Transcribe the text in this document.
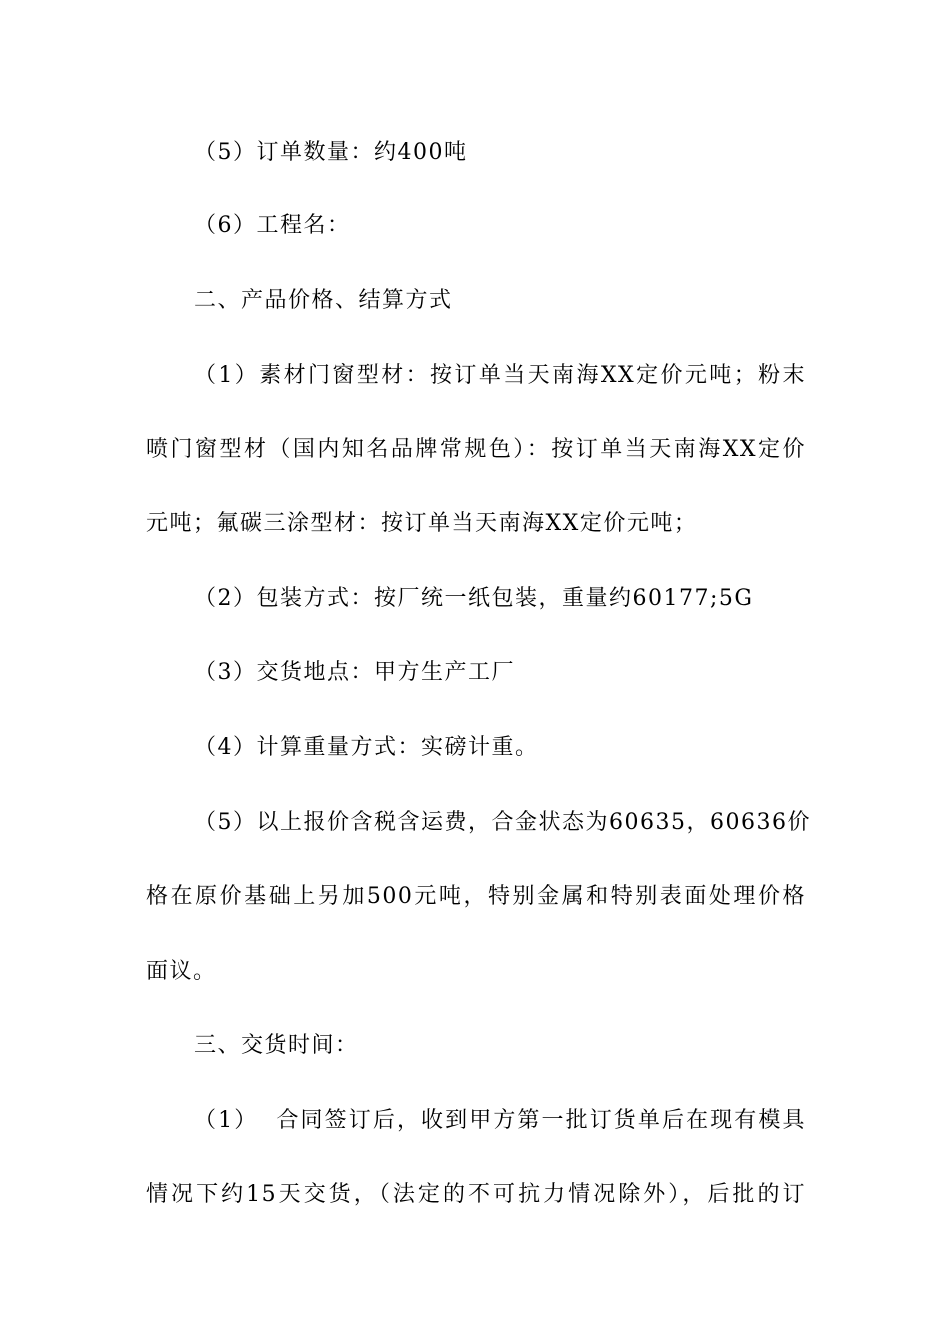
（5）订单数量：约400吨
（6）工程名：
二、产品价格、结算方式
（1）素材门窗型材：按订单当天南海XX定价元吨；粉末
喷门窗型材（国内知名品牌常规色）：按订单当天南海XX定价
元吨；氟碳三涂型材：按订单当天南海XX定价元吨；
（2）包装方式：按厂统一纸包装，重量约60177;5G
（3）交货地点：甲方生产工厂
（4）计算重量方式：实磅计重。
（5）以上报价含税含运费，合金状态为60635，60636价
格在原价基础上另加500元吨，特别金属和特别表面处理价格
面议。
三、交货时间：
（1）  合同签订后，收到甲方第一批订货单后在现有模具
情况下约15天交货，（法定的不可抗力情况除外），后批的订
